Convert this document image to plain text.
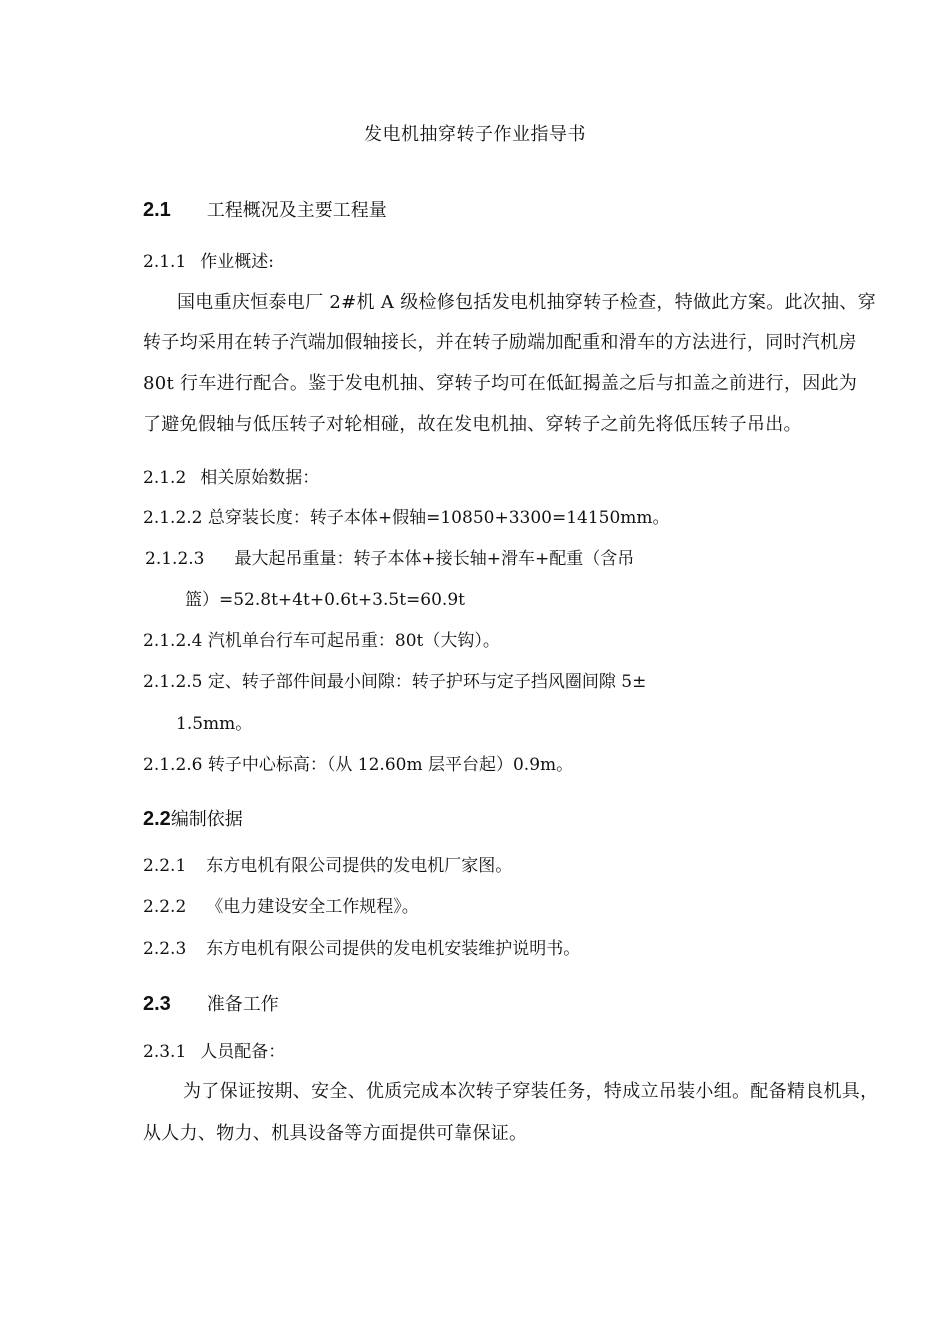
发电机抽穿转子作业指导书
2.1 工程概况及主要工程量
2.1.1 作业概述:
国电重庆恒泰电厂 2#机 A 级检修包括发电机抽穿转子检查，特做此方案。此次抽、穿
转子均采用在转子汽端加假轴接长，并在转子励端加配重和滑车的方法进行，同时汽机房
80t 行车进行配合。鉴于发电机抽、穿转子均可在低缸揭盖之后与扣盖之前进行，因此为
了避免假轴与低压转子对轮相碰，故在发电机抽、穿转子之前先将低压转子吊出。
2.1.2 相关原始数据：
2.1.2.2 总穿装长度：转子本体+假轴=10850+3300=14150mm。
2.1.2.3 最大起吊重量：转子本体+接长轴+滑车+配重（含吊
篮）=52.8t+4t+0.6t+3.5t=60.9t
2.1.2.4 汽机单台行车可起吊重：80t（大钩）。
2.1.2.5 定、转子部件间最小间隙：转子护环与定子挡风圈间隙 5±
1.5mm。
2.1.2.6 转子中心标高：（从 12.60m 层平台起）0.9m。
2.2编制依据
2.2.1 东方电机有限公司提供的发电机厂家图。
2.2.2 《电力建设安全工作规程》。
2.2.3 东方电机有限公司提供的发电机安装维护说明书。
2.3 准备工作
2.3.1 人员配备：
为了保证按期、安全、优质完成本次转子穿装任务，特成立吊装小组。配备精良机具，
从人力、物力、机具设备等方面提供可靠保证。
